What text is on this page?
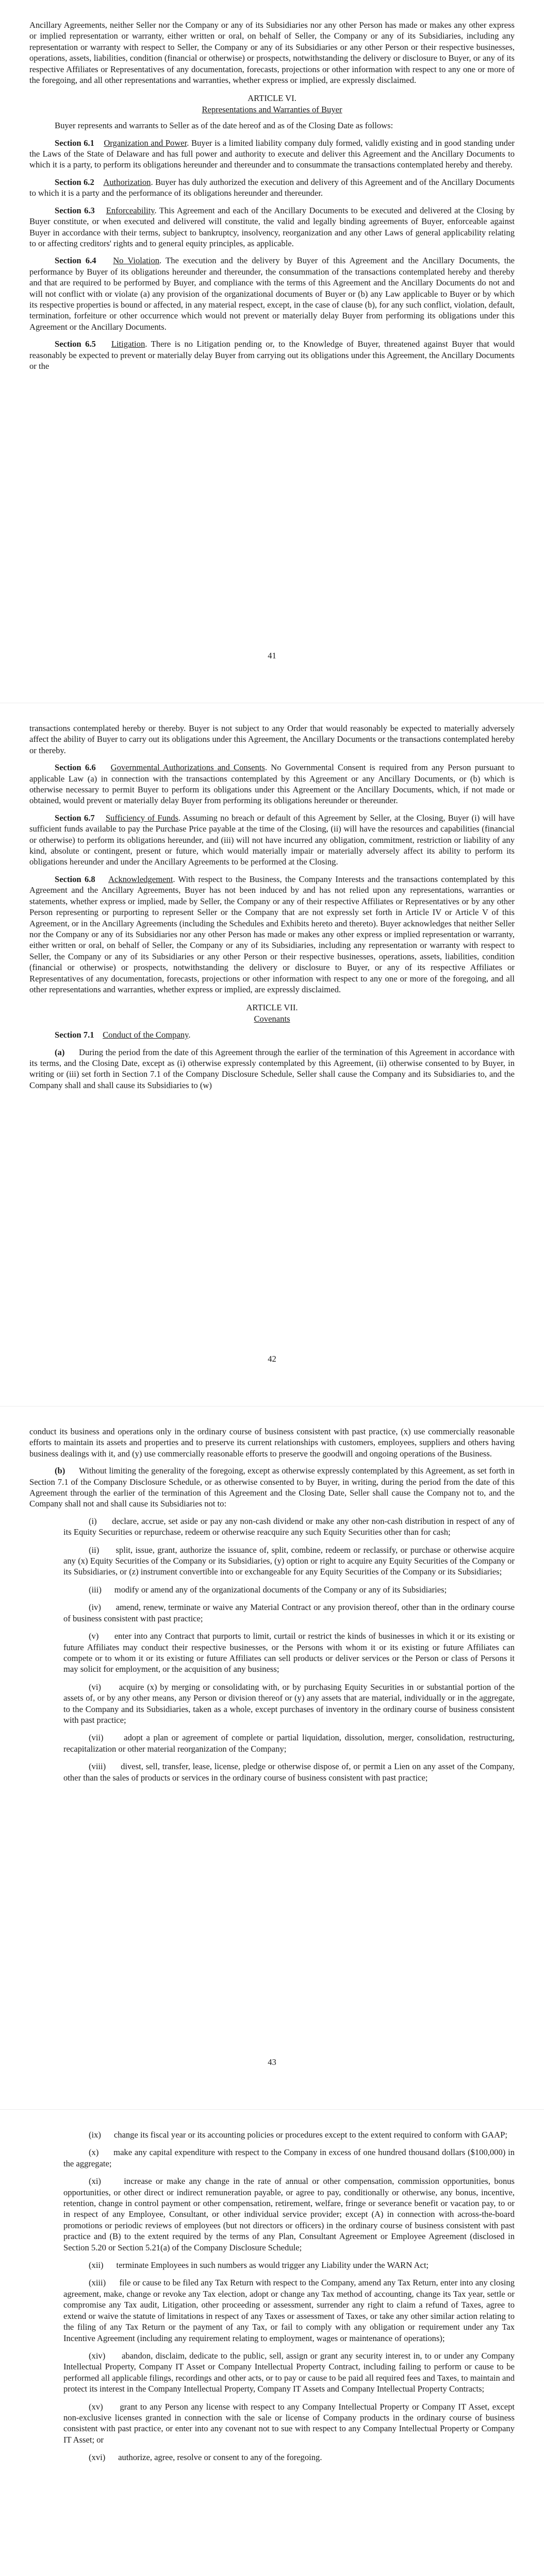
Ancillary Agreements, neither Seller nor the Company or any of its Subsidiaries nor any other Person has made or makes any other express or implied representation or warranty, either written or oral, on behalf of Seller, the Company or any of its Subsidiaries, including any representation or warranty with respect to Seller, the Company or any of its Subsidiaries or any other Person or their respective businesses, operations, assets, liabilities, condition (financial or otherwise) or prospects, notwithstanding the delivery or disclosure to Buyer, or any of its respective Affiliates or Representatives of any documentation, forecasts, projections or other information with respect to any one or more of the foregoing, and all other representations and warranties, whether express or implied, are expressly disclaimed.

ARTICLE VI.
Representations and Warranties of Buyer

Buyer represents and warrants to Seller as of the date hereof and as of the Closing Date as follows:

Section 6.1 Organization and Power. Buyer is a limited liability company duly formed, validly existing and in good standing under the Laws of the State of Delaware and has full power and authority to execute and deliver this Agreement and the Ancillary Documents to which it is a party, to perform its obligations hereunder and thereunder and to consummate the transactions contemplated hereby and thereby.

Section 6.2 Authorization. Buyer has duly authorized the execution and delivery of this Agreement and of the Ancillary Documents to which it is a party and the performance of its obligations hereunder and thereunder.

Section 6.3 Enforceability. This Agreement and each of the Ancillary Documents to be executed and delivered at the Closing by Buyer constitute, or when executed and delivered will constitute, the valid and legally binding agreements of Buyer, enforceable against Buyer in accordance with their terms, subject to bankruptcy, insolvency, reorganization and any other Laws of general applicability relating to or affecting creditors' rights and to general equity principles, as applicable.

Section 6.4 No Violation. The execution and the delivery by Buyer of this Agreement and the Ancillary Documents, the performance by Buyer of its obligations hereunder and thereunder, the consummation of the transactions contemplated hereby and thereby and that are required to be performed by Buyer, and compliance with the terms of this Agreement and the Ancillary Documents do not and will not conflict with or violate (a) any provision of the organizational documents of Buyer or (b) any Law applicable to Buyer or by which its respective properties is bound or affected, in any material respect, except, in the case of clause (b), for any such conflict, violation, default, termination, forfeiture or other occurrence which would not prevent or materially delay Buyer from performing its obligations under this Agreement or the Ancillary Documents.

Section 6.5 Litigation. There is no Litigation pending or, to the Knowledge of Buyer, threatened against Buyer that would reasonably be expected to prevent or materially delay Buyer from carrying out its obligations under this Agreement, the Ancillary Documents or the

41

transactions contemplated hereby or thereby. Buyer is not subject to any Order that would reasonably be expected to materially adversely affect the ability of Buyer to carry out its obligations under this Agreement, the Ancillary Documents or the transactions contemplated hereby or thereby.

Section 6.6 Governmental Authorizations and Consents. No Governmental Consent is required from any Person pursuant to applicable Law (a) in connection with the transactions contemplated by this Agreement or any Ancillary Documents, or (b) which is otherwise necessary to permit Buyer to perform its obligations under this Agreement or the Ancillary Documents, which, if not made or obtained, would prevent or materially delay Buyer from performing its obligations hereunder or thereunder.

Section 6.7 Sufficiency of Funds. Assuming no breach or default of this Agreement by Seller, at the Closing, Buyer (i) will have sufficient funds available to pay the Purchase Price payable at the time of the Closing, (ii) will have the resources and capabilities (financial or otherwise) to perform its obligations hereunder, and (iii) will not have incurred any obligation, commitment, restriction or liability of any kind, absolute or contingent, present or future, which would materially impair or materially adversely affect its ability to perform its obligations hereunder and under the Ancillary Agreements to be performed at the Closing.

Section 6.8 Acknowledgement. With respect to the Business, the Company Interests and the transactions contemplated by this Agreement and the Ancillary Agreements, Buyer has not been induced by and has not relied upon any representations, warranties or statements, whether express or implied, made by Seller, the Company or any of their respective Affiliates or Representatives or by any other Person representing or purporting to represent Seller or the Company that are not expressly set forth in Article IV or Article V of this Agreement, or in the Ancillary Agreements (including the Schedules and Exhibits hereto and thereto). Buyer acknowledges that neither Seller nor the Company or any of its Subsidiaries nor any other Person has made or makes any other express or implied representation or warranty, either written or oral, on behalf of Seller, the Company or any of its Subsidiaries, including any representation or warranty with respect to Seller, the Company or any of its Subsidiaries or any other Person or their respective businesses, operations, assets, liabilities, condition (financial or otherwise) or prospects, notwithstanding the delivery or disclosure to Buyer, or any of its respective Affiliates or Representatives of any documentation, forecasts, projections or other information with respect to any one or more of the foregoing, and all other representations and warranties, whether express or implied, are expressly disclaimed.

ARTICLE VII.
Covenants

Section 7.1 Conduct of the Company.

(a) During the period from the date of this Agreement through the earlier of the termination of this Agreement in accordance with its terms, and the Closing Date, except as (i) otherwise expressly contemplated by this Agreement, (ii) otherwise consented to by Buyer, in writing or (iii) set forth in Section 7.1 of the Company Disclosure Schedule, Seller shall cause the Company and its Subsidiaries to, and the Company shall and shall cause its Subsidiaries to (w)

42

conduct its business and operations only in the ordinary course of business consistent with past practice, (x) use commercially reasonable efforts to maintain its assets and properties and to preserve its current relationships with customers, employees, suppliers and others having business dealings with it, and (y) use commercially reasonable efforts to preserve the goodwill and ongoing operations of the Business.

(b) Without limiting the generality of the foregoing, except as otherwise expressly contemplated by this Agreement, as set forth in Section 7.1 of the Company Disclosure Schedule, or as otherwise consented to by Buyer, in writing, during the period from the date of this Agreement through the earlier of the termination of this Agreement and the Closing Date, Seller shall cause the Company not to, and the Company shall not and shall cause its Subsidiaries not to:

(i) declare, accrue, set aside or pay any non-cash dividend or make any other non-cash distribution in respect of any of its Equity Securities or repurchase, redeem or otherwise reacquire any such Equity Securities other than for cash;

(ii) split, issue, grant, authorize the issuance of, split, combine, redeem or reclassify, or purchase or otherwise acquire any (x) Equity Securities of the Company or its Subsidiaries, (y) option or right to acquire any Equity Securities of the Company or its Subsidiaries, or (z) instrument convertible into or exchangeable for any Equity Securities of the Company or its Subsidiaries;

(iii) modify or amend any of the organizational documents of the Company or any of its Subsidiaries;

(iv) amend, renew, terminate or waive any Material Contract or any provision thereof, other than in the ordinary course of business consistent with past practice;

(v) enter into any Contract that purports to limit, curtail or restrict the kinds of businesses in which it or its existing or future Affiliates may conduct their respective businesses, or the Persons with whom it or its existing or future Affiliates can compete or to whom it or its existing or future Affiliates can sell products or deliver services or the Person or class of Persons it may solicit for employment, or the acquisition of any business;

(vi) acquire (x) by merging or consolidating with, or by purchasing Equity Securities in or substantial portion of the assets of, or by any other means, any Person or division thereof or (y) any assets that are material, individually or in the aggregate, to the Company and its Subsidiaries, taken as a whole, except purchases of inventory in the ordinary course of business consistent with past practice;

(vii) adopt a plan or agreement of complete or partial liquidation, dissolution, merger, consolidation, restructuring, recapitalization or other material reorganization of the Company;

(viii) divest, sell, transfer, lease, license, pledge or otherwise dispose of, or permit a Lien on any asset of the Company, other than the sales of products or services in the ordinary course of business consistent with past practice;

43

(ix) change its fiscal year or its accounting policies or procedures except to the extent required to conform with GAAP;

(x) make any capital expenditure with respect to the Company in excess of one hundred thousand dollars ($100,000) in the aggregate;

(xi)	increase or make any change in the rate of annual or other compensation, commission opportunities, bonus opportunities, or other direct or indirect remuneration payable, or agree to pay, conditionally or otherwise, any bonus, incentive, retention, change in control payment or other compensation, retirement, welfare, fringe or severance benefit or vacation pay, to or in respect of any Employee, Consultant, or other individual service provider; except (A) in connection with across-the-board promotions or periodic reviews of employees (but not directors or officers) in the ordinary course of business consistent with past practice and (B) to the extent required by the terms of any Plan, Consultant Agreement or Employee Agreement (disclosed in Section 5.20 or Section 5.21(a) of the Company Disclosure Schedule;

(xii) terminate Employees in such numbers as would trigger any Liability under the WARN Act;

(xiii) file or cause to be filed any Tax Return with respect to the Company, amend any Tax Return, enter into any closing agreement, make, change or revoke any Tax election, adopt or change any Tax method of accounting, change its Tax year, settle or compromise any Tax audit, Litigation, other proceeding or assessment, surrender any right to claim a refund of Taxes, agree to extend or waive the statute of limitations in respect of any Taxes or assessment of Taxes, or take any other similar action relating to the filing of any Tax Return or the payment of any Tax, or fail to comply with any obligation or requirement under any Tax Incentive Agreement (including any requirement relating to employment, wages or maintenance of operations);

(xiv) abandon, disclaim, dedicate to the public, sell, assign or grant any security interest in, to or under any Company Intellectual Property, Company IT Asset or Company Intellectual Property Contract, including failing to perform or cause to be performed all applicable filings, recordings and other acts, or to pay or cause to be paid all required fees and Taxes, to maintain and protect its interest in the Company Intellectual Property, Company IT Assets and Company Intellectual Property Contracts;

(xv) grant to any Person any license with respect to any Company Intellectual Property or Company IT Asset, except non-exclusive licenses granted in connection with the sale or license of Company products in the ordinary course of business consistent with past practice, or enter into any covenant not to sue with respect to any Company Intellectual Property or Company IT Asset; or

(xvi) authorize, agree, resolve or consent to any of the foregoing.
